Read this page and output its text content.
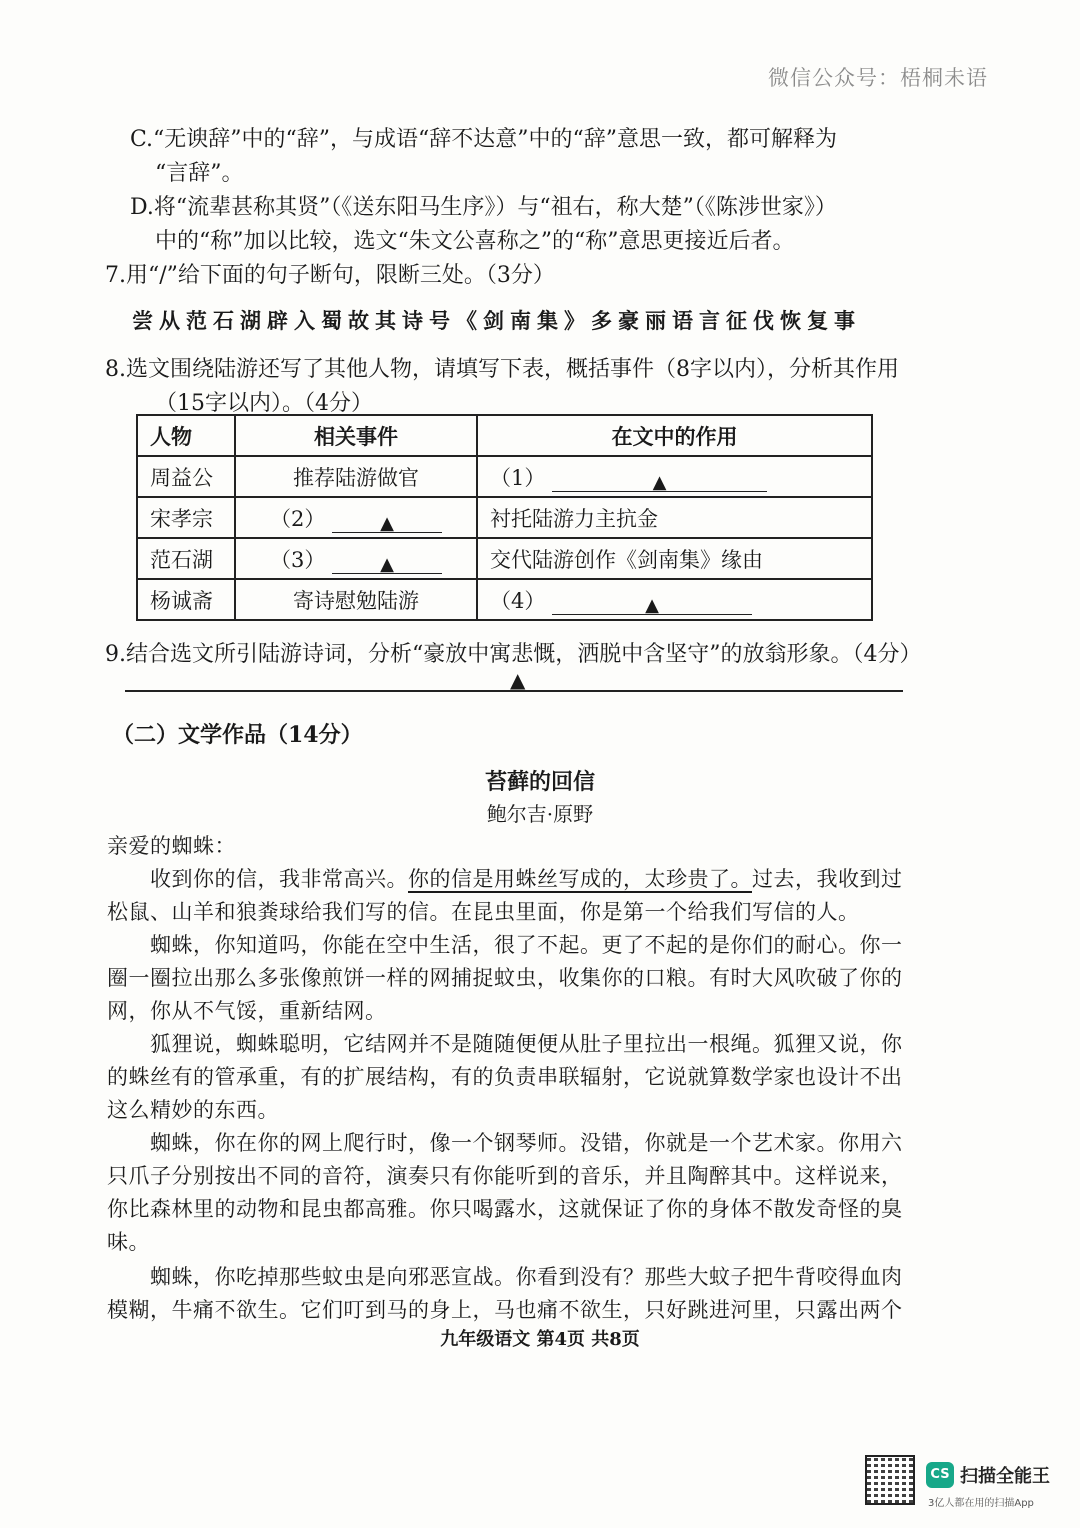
微信公众号：梧桐未语
C.“无谀辞”中的“辞”，与成语“辞不达意”中的“辞”意思一致，都可解释为
“言辞”。
D.将“流辈甚称其贤”（《送东阳马生序》）与“祖右，称大楚”（《陈涉世家》）
中的“称”加以比较，选文“朱文公喜称之”的“称”意思更接近后者。
7.用“/”给下面的句子断句，限断三处。（3分）
尝从范石湖辟入蜀故其诗号《剑南集》多豪丽语言征伐恢复事
8.选文围绕陆游还写了其他人物，请填写下表，概括事件（8字以内），分析其作用
（15字以内）。（4分）
人物	相关事件	在文中的作用
周益公	推荐陆游做官	（1） ▲
宋孝宗	（2） ▲	衬托陆游力主抗金
范石湖	（3） ▲	交代陆游创作《剑南集》缘由
杨诚斋	寄诗慰勉陆游	（4） ▲
9.结合选文所引陆游诗词，分析“豪放中寓悲慨，洒脱中含坚守”的放翁形象。（4分）
▲
（二）文学作品（14分）
苔藓的回信
鲍尔吉·原野
亲爱的蜘蛛：
收到你的信，我非常高兴。你的信是用蛛丝写成的，太珍贵了。过去，我收到过
松鼠、山羊和狼粪球给我们写的信。在昆虫里面，你是第一个给我们写信的人。
蜘蛛，你知道吗，你能在空中生活，很了不起。更了不起的是你们的耐心。你一
圈一圈拉出那么多张像煎饼一样的网捕捉蚊虫，收集你的口粮。有时大风吹破了你的
网，你从不气馁，重新结网。
狐狸说，蜘蛛聪明，它结网并不是随随便便从肚子里拉出一根绳。狐狸又说，你
的蛛丝有的管承重，有的扩展结构，有的负责串联辐射，它说就算数学家也设计不出
这么精妙的东西。
蜘蛛，你在你的网上爬行时，像一个钢琴师。没错，你就是一个艺术家。你用六
只爪子分别按出不同的音符，演奏只有你能听到的音乐，并且陶醉其中。这样说来，
你比森林里的动物和昆虫都高雅。你只喝露水，这就保证了你的身体不散发奇怪的臭
味。
蜘蛛，你吃掉那些蚊虫是向邪恶宣战。你看到没有？那些大蚊子把牛背咬得血肉
模糊，牛痛不欲生。它们叮到马的身上，马也痛不欲生，只好跳进河里，只露出两个
九年级语文 第4页 共8页
CS 扫描全能王
3亿人都在用的扫描App
